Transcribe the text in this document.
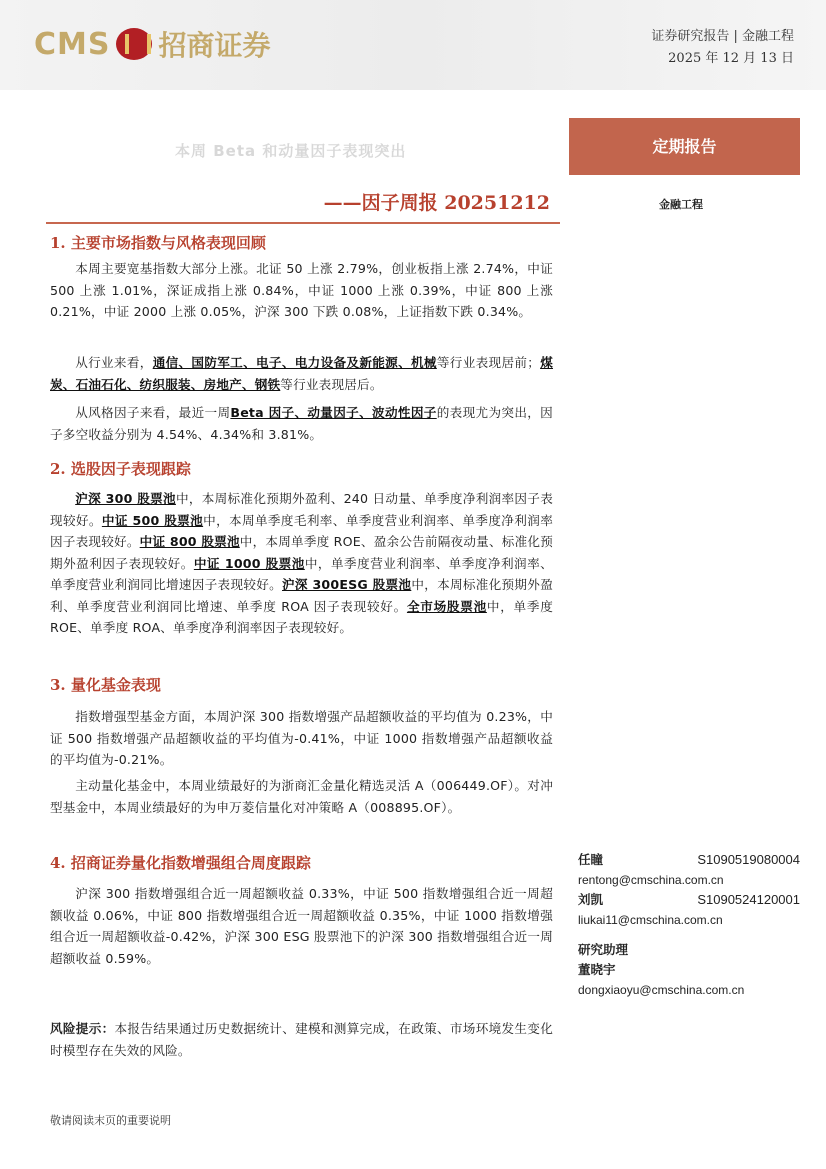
CMS 招商证券	证券研究报告 | 金融工程
2025 年 12 月 13 日
本周 Beta 和动量因子表现突出
——因子周报 20251212
定期报告
金融工程
1. 主要市场指数与风格表现回顾

本周主要宽基指数大部分上涨。北证 50 上涨 2.79%，创业板指上涨 2.74%，中证 500 上涨 1.01%，深证成指上涨 0.84%，中证 1000 上涨 0.39%，中证 800 上涨 0.21%，中证 2000 上涨 0.05%，沪深 300 下跌 0.08%，上证指数下跌 0.34%。

从行业来看，通信、国防军工、电子、电力设备及新能源、机械等行业表现居前；煤炭、石油石化、纺织服装、房地产、钢铁等行业表现居后。

从风格因子来看，最近一周Beta 因子、动量因子、波动性因子的表现尤为突出，因子多空收益分别为 4.54%、4.34%和 3.81%。

2. 选股因子表现跟踪

沪深 300 股票池中，本周标准化预期外盈利、240 日动量、单季度净利润率因子表现较好。中证 500 股票池中，本周单季度毛利率、单季度营业利润率、单季度净利润率因子表现较好。中证 800 股票池中，本周单季度 ROE、盈余公告前隔夜动量、标准化预期外盈利因子表现较好。中证 1000 股票池中，单季度营业利润率、单季度净利润率、单季度营业利润同比增速因子表现较好。沪深 300ESG 股票池中，本周标准化预期外盈利、单季度营业利润同比增速、单季度 ROA 因子表现较好。全市场股票池中，单季度 ROE、单季度 ROA、单季度净利润率因子表现较好。

3. 量化基金表现

指数增强型基金方面，本周沪深 300 指数增强产品超额收益的平均值为 0.23%，中证 500 指数增强产品超额收益的平均值为-0.41%，中证 1000 指数增强产品超额收益的平均值为-0.21%。

主动量化基金中，本周业绩最好的为浙商汇金量化精选灵活 A（006449.OF）。对冲型基金中，本周业绩最好的为申万菱信量化对冲策略 A（008895.OF）。

4. 招商证券量化指数增强组合周度跟踪

沪深 300 指数增强组合近一周超额收益 0.33%，中证 500 指数增强组合近一周超额收益 0.06%，中证 800 指数增强组合近一周超额收益 0.35%，中证 1000 指数增强组合近一周超额收益-0.42%，沪深 300 ESG 股票池下的沪深 300 指数增强组合近一周超额收益 0.59%。

风险提示：本报告结果通过历史数据统计、建模和测算完成，在政策、市场环境发生变化时模型存在失效的风险。

任瞳	S1090519080004
rentong@cmschina.com.cn
刘凯	S1090524120001
liukai11@cmschina.com.cn
研究助理
董晓宇
dongxiaoyu@cmschina.com.cn
敬请阅读末页的重要说明
